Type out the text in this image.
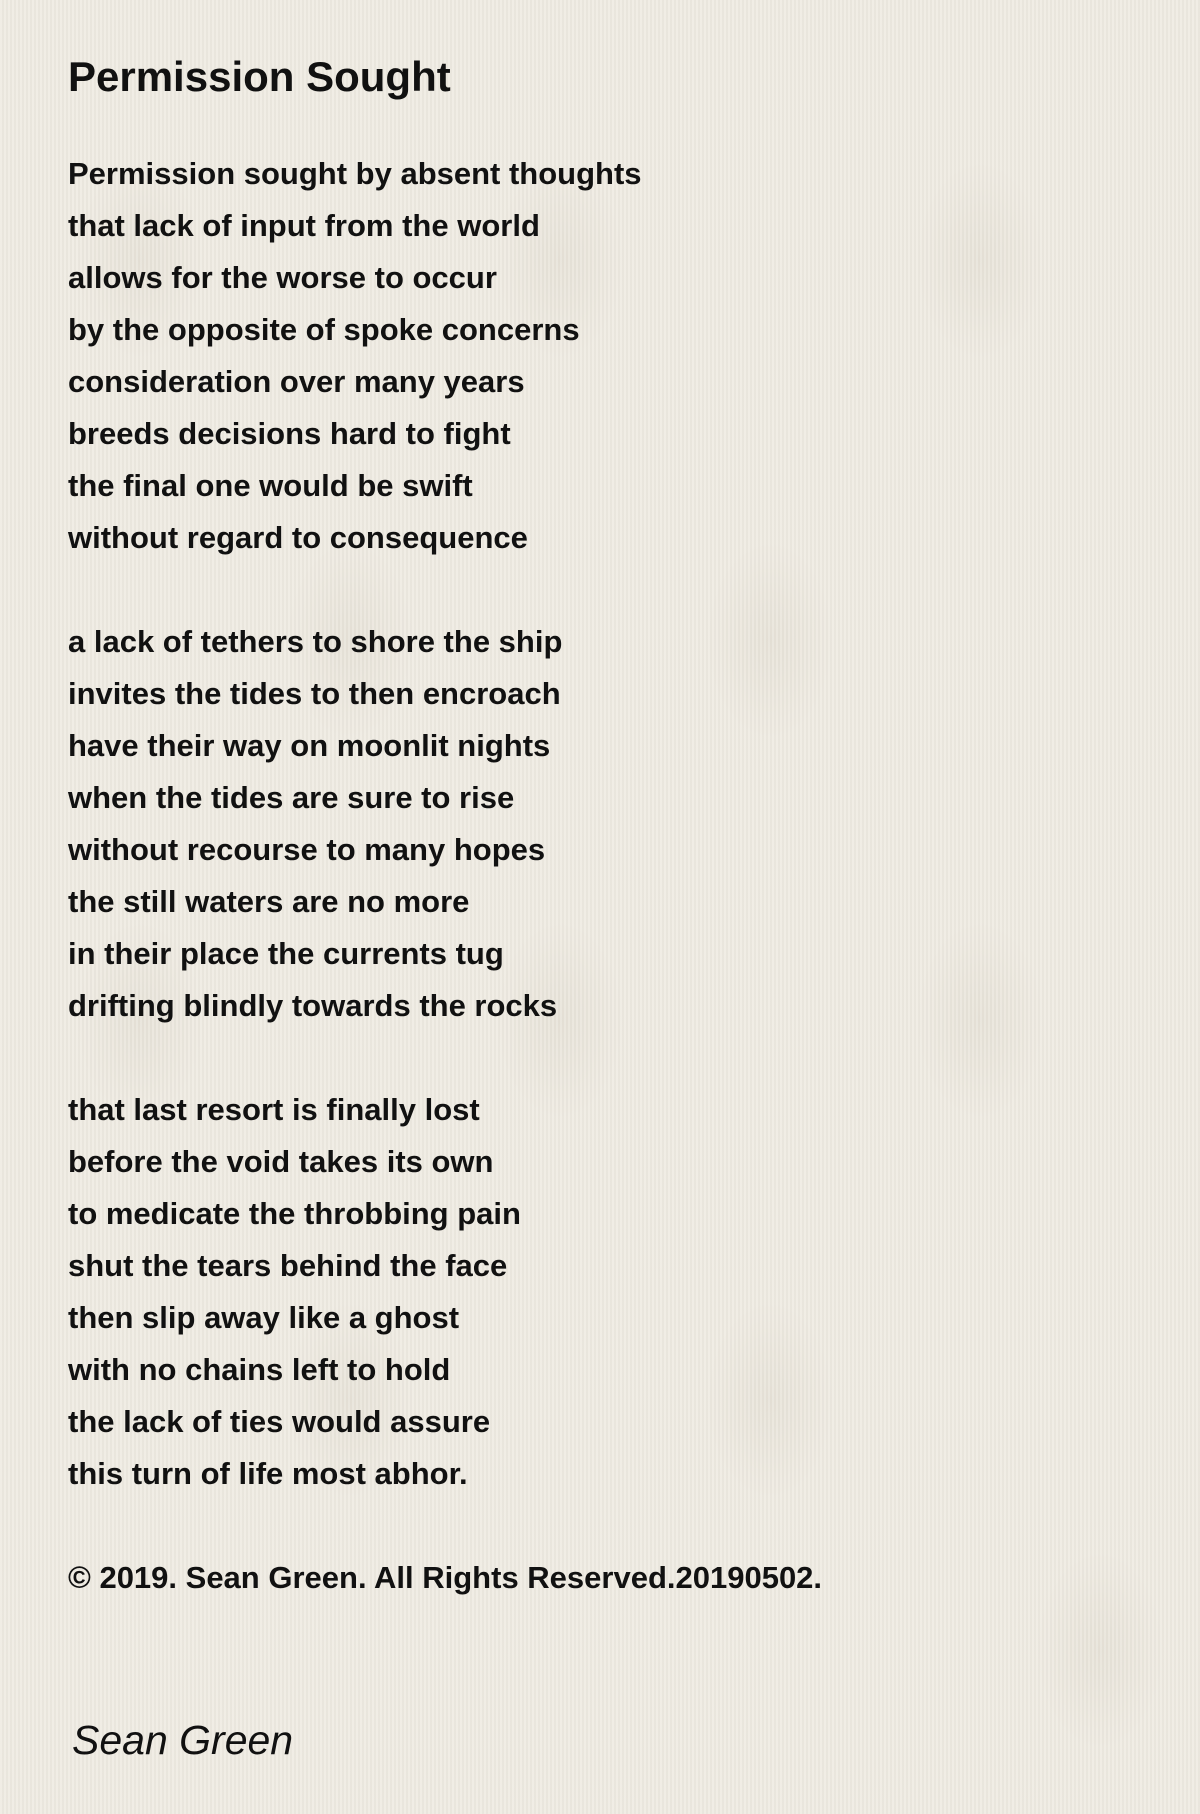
Permission Sought
Permission sought by absent thoughts
that lack of input from the world
allows for the worse to occur
by the opposite of spoke concerns
consideration over many years
breeds decisions hard to fight
the final one would be swift
without regard to consequence
a lack of tethers to shore the ship
invites the tides to then encroach
have their way on moonlit nights
when the tides are sure to rise
without recourse to many hopes
the still waters are no more
in their place the currents tug
drifting blindly towards the rocks
that last resort is finally lost
before the void takes its own
to medicate the throbbing pain
shut the tears behind the face
then slip away like a ghost
with no chains left to hold
the lack of ties would assure
this turn of life most abhor.
© 2019. Sean Green. All Rights Reserved.20190502.
Sean Green
